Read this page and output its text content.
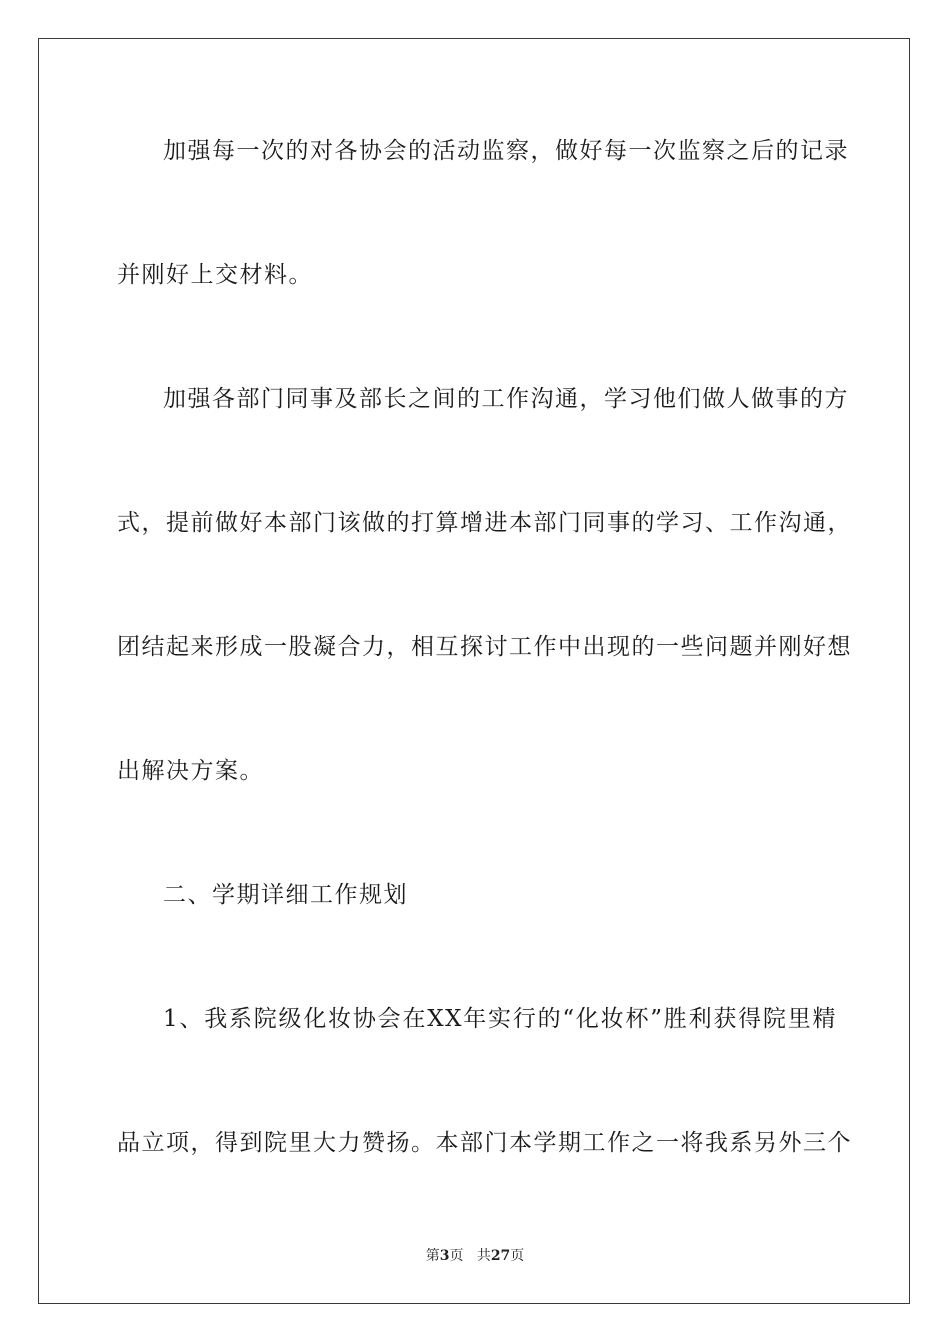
加强每一次的对各协会的活动监察，做好每一次监察之后的记录
并刚好上交材料。
加强各部门同事及部长之间的工作沟通，学习他们做人做事的方
式，提前做好本部门该做的打算增进本部门同事的学习、工作沟通，
团结起来形成一股凝合力，相互探讨工作中出现的一些问题并刚好想
出解决方案。
二、学期详细工作规划
1、我系院级化妆协会在XX年实行的“化妆杯”胜利获得院里精
品立项，得到院里大力赞扬。本部门本学期工作之一将我系另外三个
第3页 共27页
